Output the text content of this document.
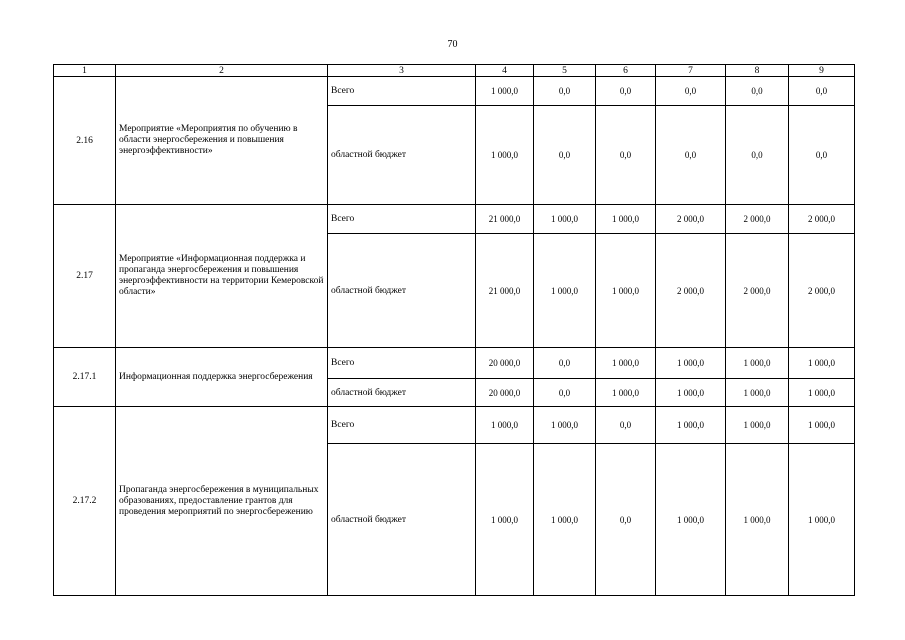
70
1	2	3	4	5	6	7	8	9
2.16	Мероприятие «Мероприятия по обучению в области энергосбережения и повышения энергоэффективности»	Всего	1 000,0	0,0	0,0	0,0	0,0	0,0
		областной бюджет	1 000,0	0,0	0,0	0,0	0,0	0,0
2.17	Мероприятие «Информационная поддержка и пропаганда энергосбережения и повышения энергоэффективности на территории Кемеровской области»	Всего	21 000,0	1 000,0	1 000,0	2 000,0	2 000,0	2 000,0
		областной бюджет	21 000,0	1 000,0	1 000,0	2 000,0	2 000,0	2 000,0
2.17.1	Информационная поддержка энергосбережения	Всего	20 000,0	0,0	1 000,0	1 000,0	1 000,0	1 000,0
		областной бюджет	20 000,0	0,0	1 000,0	1 000,0	1 000,0	1 000,0
2.17.2	Пропаганда энергосбережения в муниципальных образованиях, предоставление грантов для проведения мероприятий по энергосбережению	Всего	1 000,0	1 000,0	0,0	1 000,0	1 000,0	1 000,0
		областной бюджет	1 000,0	1 000,0	0,0	1 000,0	1 000,0	1 000,0
